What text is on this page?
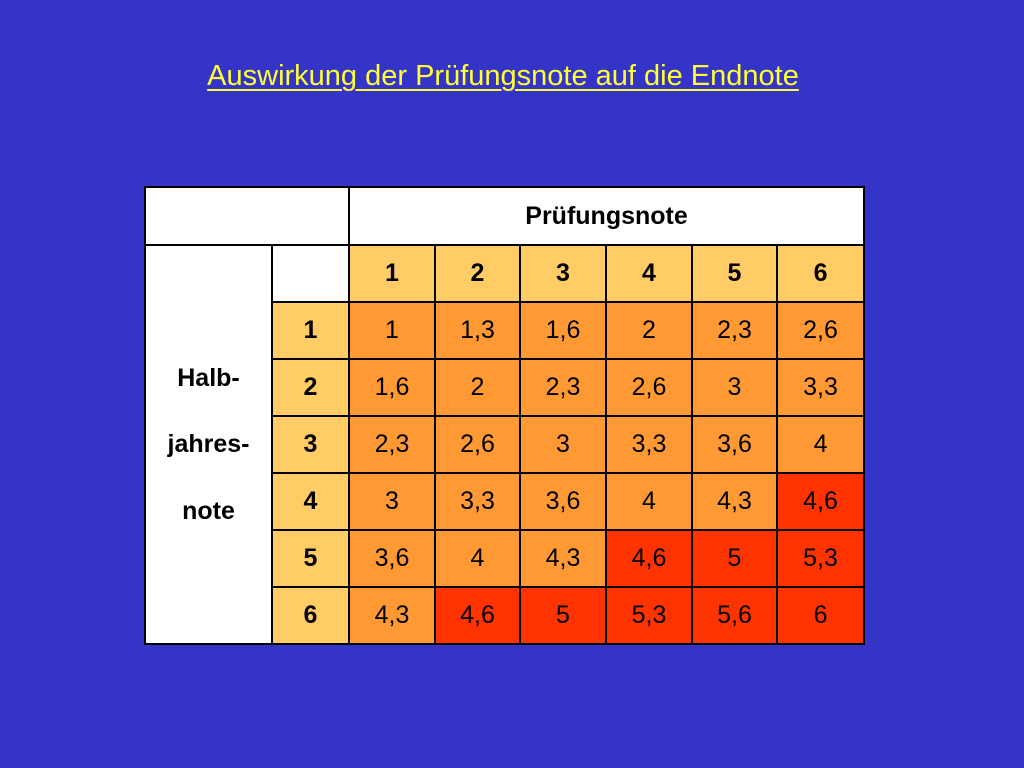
Auswirkung der Prüfungsnote auf die Endnote
		Prüfungsnote					

Halb-
jahres-
note		1	2	3	4	5	6
	1	1	1,3	1,6	2	2,3	2,6
	2	1,6	2	2,3	2,6	3	3,3
	3	2,3	2,6	3	3,3	3,6	4
	4	3	3,3	3,6	4	4,3	4,6
	5	3,6	4	4,3	4,6	5	5,3
	6	4,3	4,6	5	5,3	5,6	6
